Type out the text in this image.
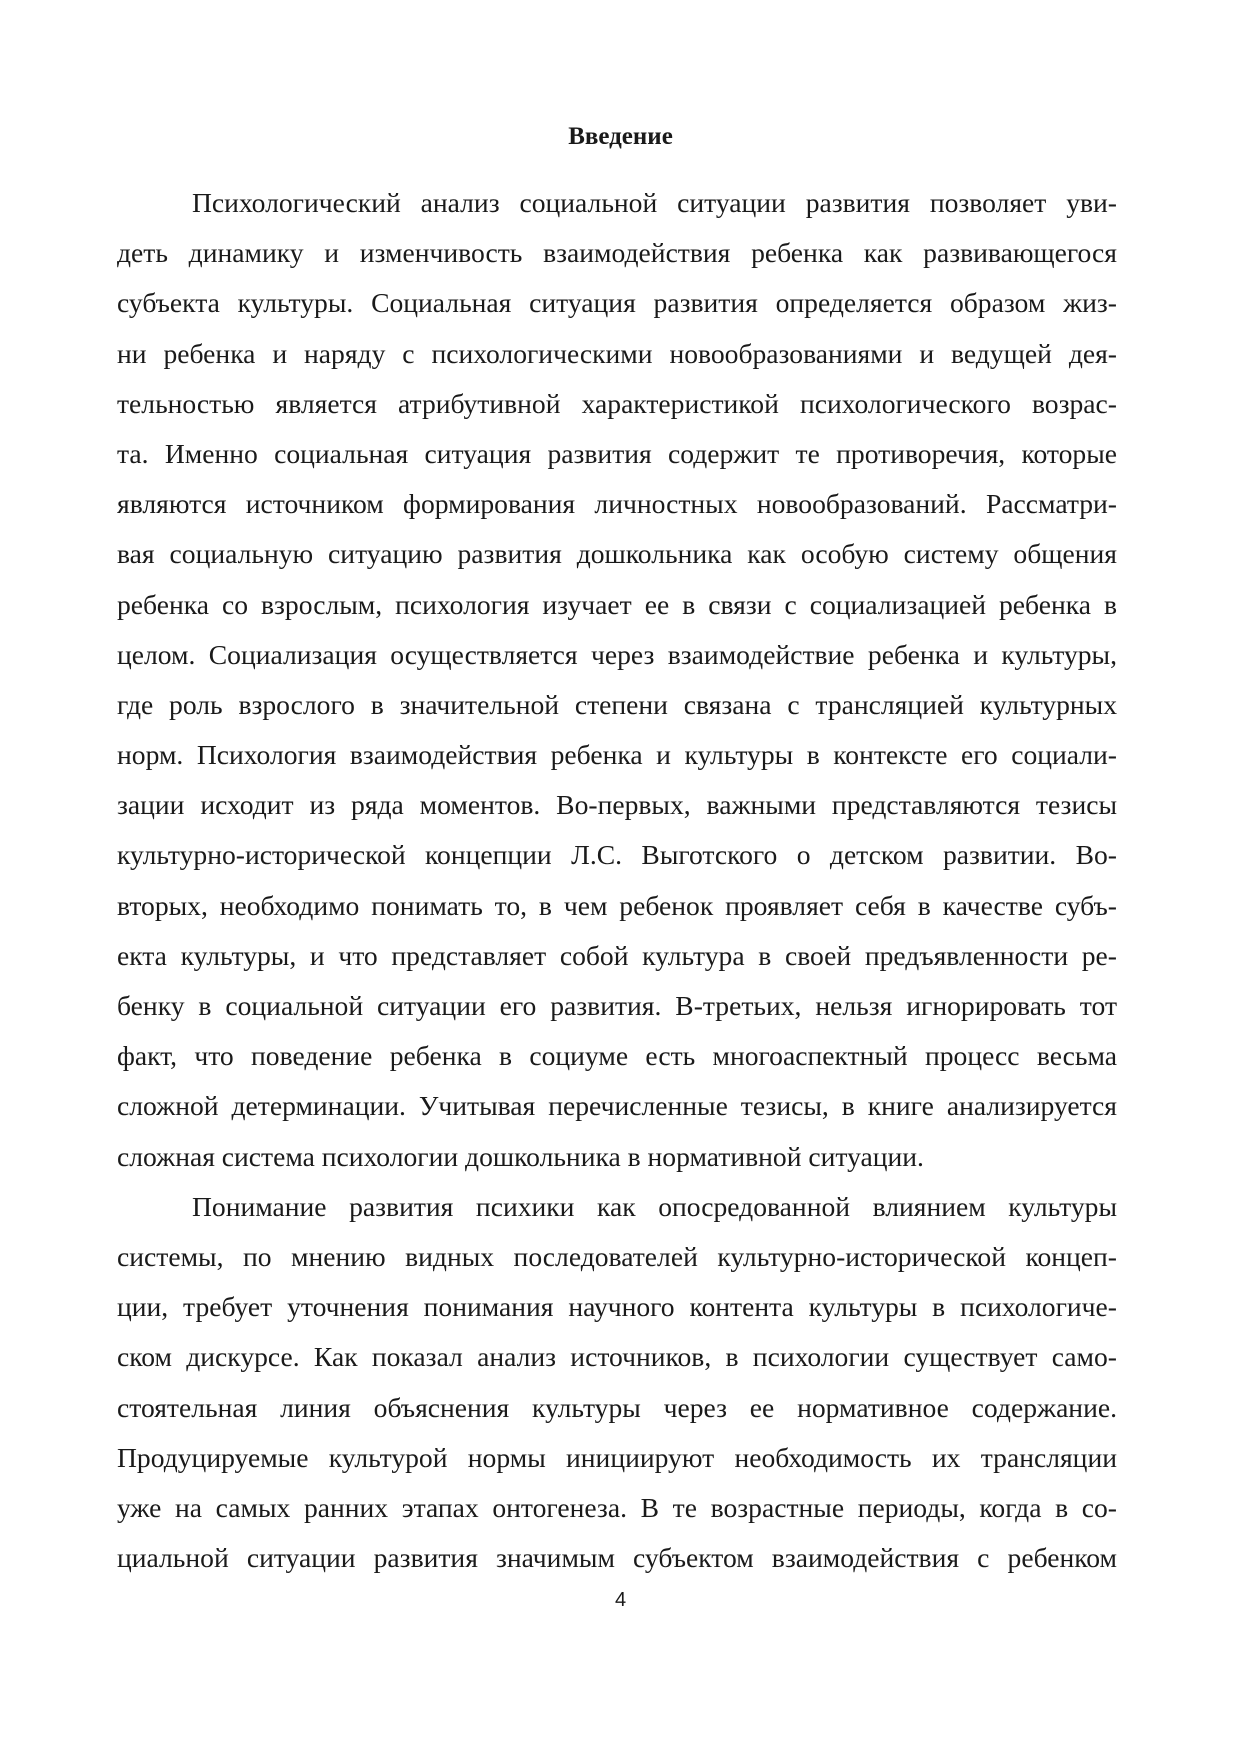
Введение
Психологический анализ социальной ситуации развития позволяет уви-
деть динамику и изменчивость взаимодействия ребенка как развивающегося
субъекта культуры. Социальная ситуация развития определяется образом жиз-
ни ребенка и наряду с психологическими новообразованиями и ведущей дея-
тельностью является атрибутивной характеристикой психологического возрас-
та. Именно социальная ситуация развития содержит те противоречия, которые
являются источником формирования личностных новообразований. Рассматри-
вая социальную ситуацию развития дошкольника как особую систему общения
ребенка со взрослым, психология изучает ее в связи с социализацией ребенка в
целом. Социализация осуществляется через взаимодействие ребенка и культуры,
где роль взрослого в значительной степени связана с трансляцией культурных
норм. Психология взаимодействия ребенка и культуры в контексте его социали-
зации исходит из ряда моментов. Во-первых, важными представляются тезисы
культурно-исторической концепции Л.С. Выготского о детском развитии. Во-
вторых, необходимо понимать то, в чем ребенок проявляет себя в качестве субъ-
екта культуры, и что представляет собой культура в своей предъявленности ре-
бенку в социальной ситуации его развития. В-третьих, нельзя игнорировать тот
факт, что поведение ребенка в социуме есть многоаспектный процесс весьма
сложной детерминации. Учитывая перечисленные тезисы, в книге анализируется
сложная система психологии дошкольника в нормативной ситуации.
Понимание развития психики как опосредованной влиянием культуры
системы, по мнению видных последователей культурно-исторической концеп-
ции, требует уточнения понимания научного контента культуры в психологиче-
ском дискурсе. Как показал анализ источников, в психологии существует само-
стоятельная линия объяснения культуры через ее нормативное содержание.
Продуцируемые культурой нормы инициируют необходимость их трансляции
уже на самых ранних этапах онтогенеза. В те возрастные периоды, когда в со-
циальной ситуации развития значимым субъектом взаимодействия с ребенком
4
